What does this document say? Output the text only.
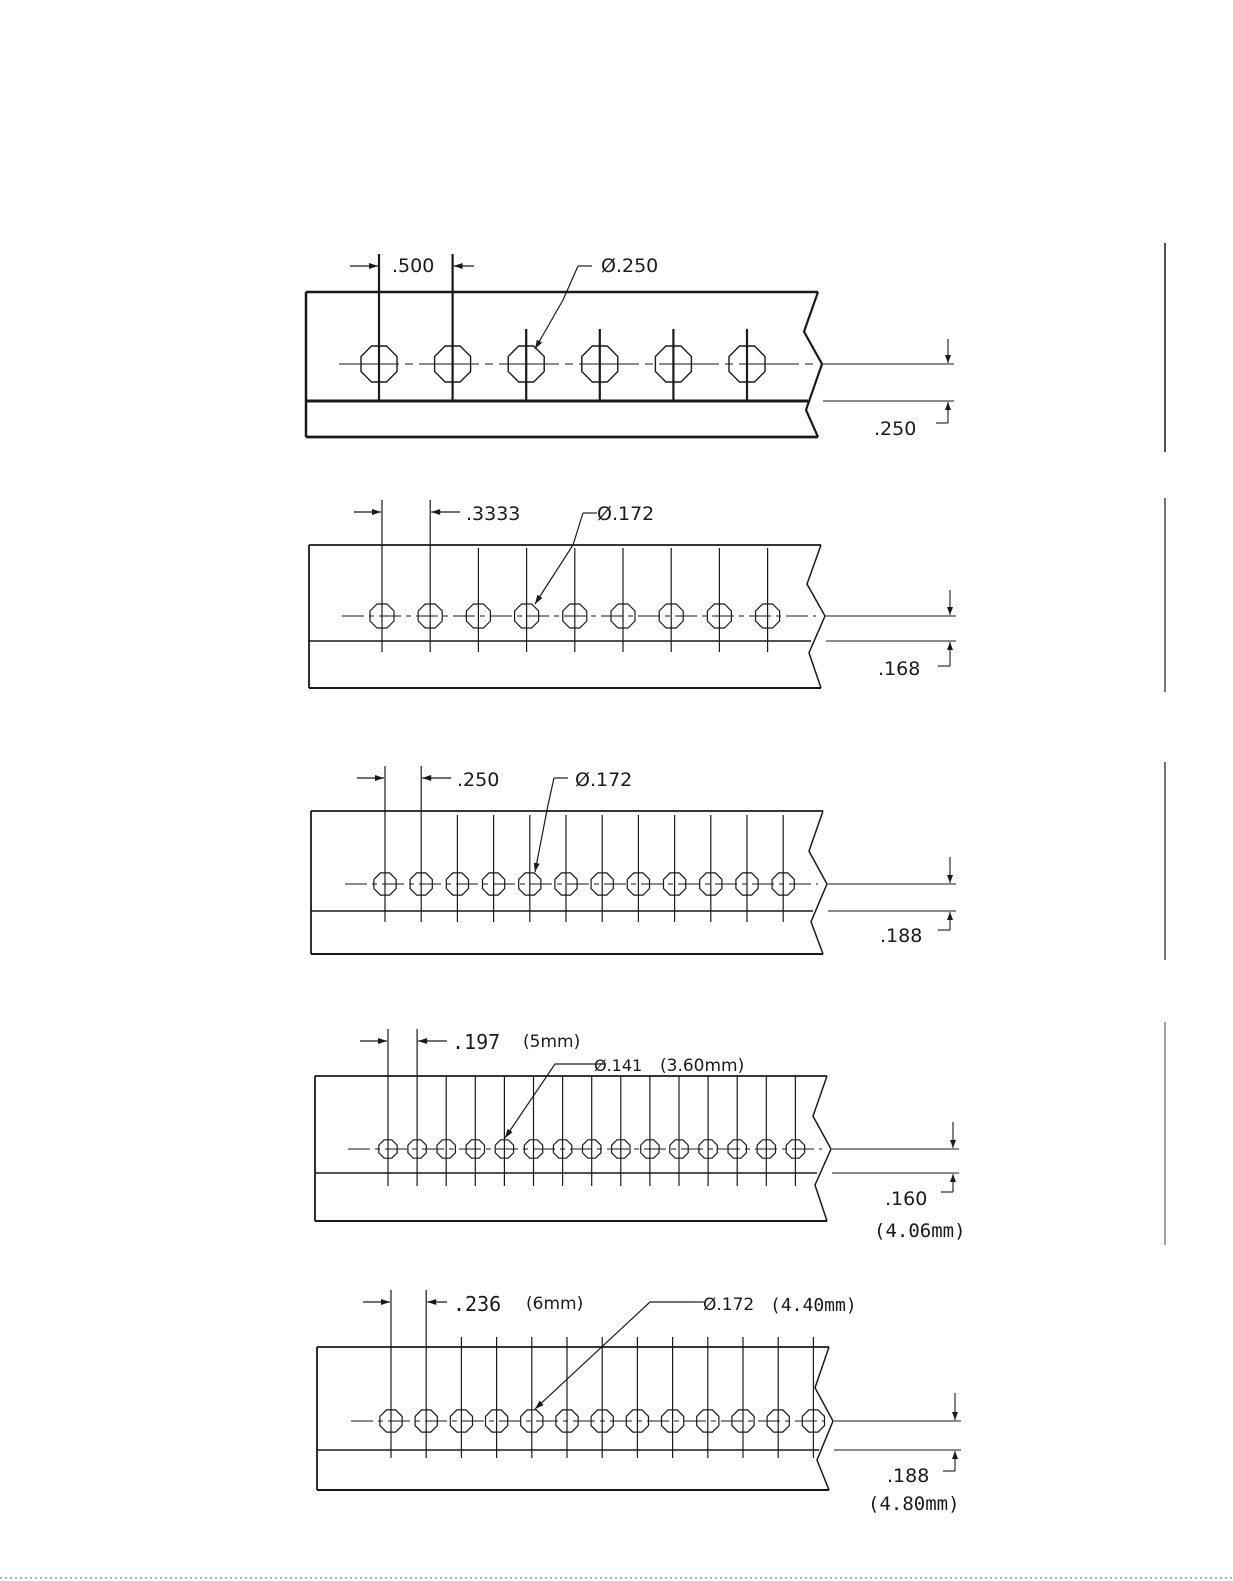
.500	Ø.250
.250
.3333	Ø.172
.168
.250	Ø.172
.188
.197 (5mm)
Ø.141 (3.60mm)
.160
(4.06mm)
.236 (6mm)	Ø.172 (4.40mm)
.188
(4.80mm)
